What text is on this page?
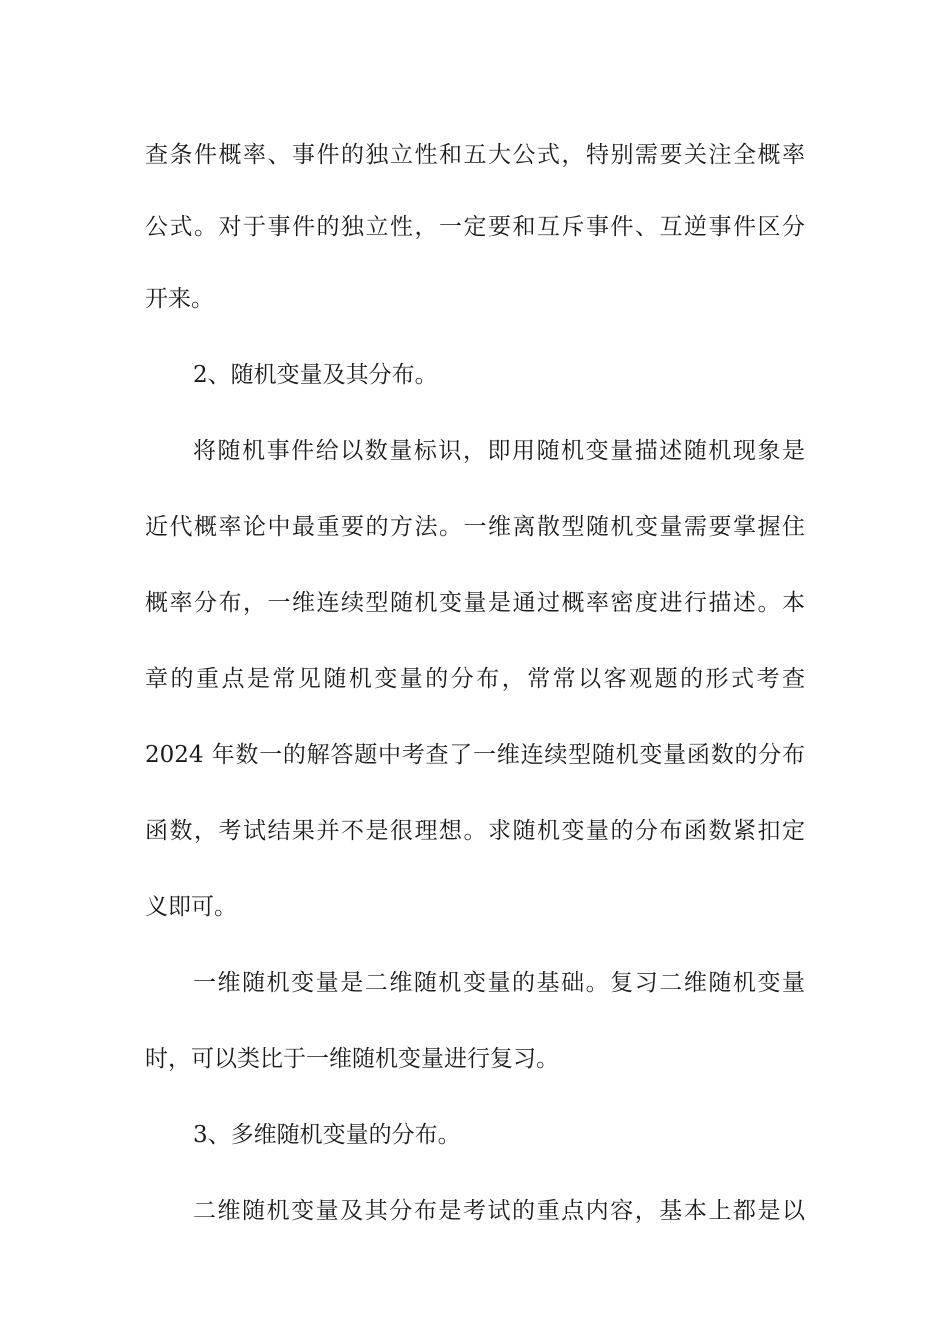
查条件概率、事件的独立性和五大公式，特别需要关注全概率
公式。对于事件的独立性，一定要和互斥事件、互逆事件区分
开来。
2、随机变量及其分布。
将随机事件给以数量标识，即用随机变量描述随机现象是
近代概率论中最重要的方法。一维离散型随机变量需要掌握住
概率分布，一维连续型随机变量是通过概率密度进行描述。本
章的重点是常见随机变量的分布，常常以客观题的形式考查
2024 年数一的解答题中考查了一维连续型随机变量函数的分布
函数，考试结果并不是很理想。求随机变量的分布函数紧扣定
义即可。
一维随机变量是二维随机变量的基础。复习二维随机变量
时，可以类比于一维随机变量进行复习。
3、多维随机变量的分布。
二维随机变量及其分布是考试的重点内容，基本上都是以
